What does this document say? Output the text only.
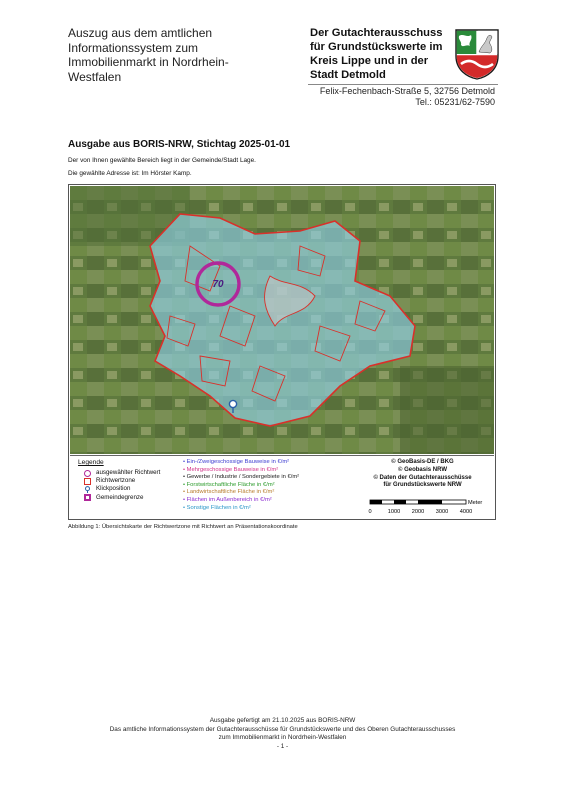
Auszug aus dem amtlichen
Informationssystem zum
Immobilienmarkt in Nordrhein-
Westfalen
Der Gutachterausschuss
für Grundstückswerte im
Kreis Lippe und in der
Stadt Detmold
Felix-Fechenbach-Straße 5, 32756 Detmold
Tel.: 05231/62-7590
Ausgabe aus BORIS-NRW, Stichtag 2025-01-01
Der von Ihnen gewählte Bereich liegt in der Gemeinde/Stadt Lage.
Die gewählte Adresse ist: Im Hörster Kamp.
70
Legende
ausgewählter Richtwert
Richtwertzone
Klickposition
Gemeindegrenze
• Ein-/Zweigeschossige Bauweise in €/m²
• Mehrgeschossige Bauweise in €/m²
• Gewerbe / Industrie / Sondergebiete in €/m²
• Forstwirtschaftliche Fläche in €/m²
• Landwirtschaftliche Fläche in €/m²
• Flächen im Außenbereich in €/m²
• Sonstige Flächen in €/m²
© GeoBasis-DE / BKG
© Geobasis NRW
© Daten der Gutachterausschüsse
für Grundstückswerte NRW
Meter
0	1000 2000 3000 4000
Abbildung 1: Übersichtskarte der Richtwertzone mit Richtwert an Präsentationskoordinate
Ausgabe gefertigt am 21.10.2025 aus BORIS-NRW
Das amtliche Informationssystem der Gutachterausschüsse für Grundstückswerte und des Oberen Gutachterausschusses
zum Immobilienmarkt in Nordrhein-Westfalen
- 1 -
